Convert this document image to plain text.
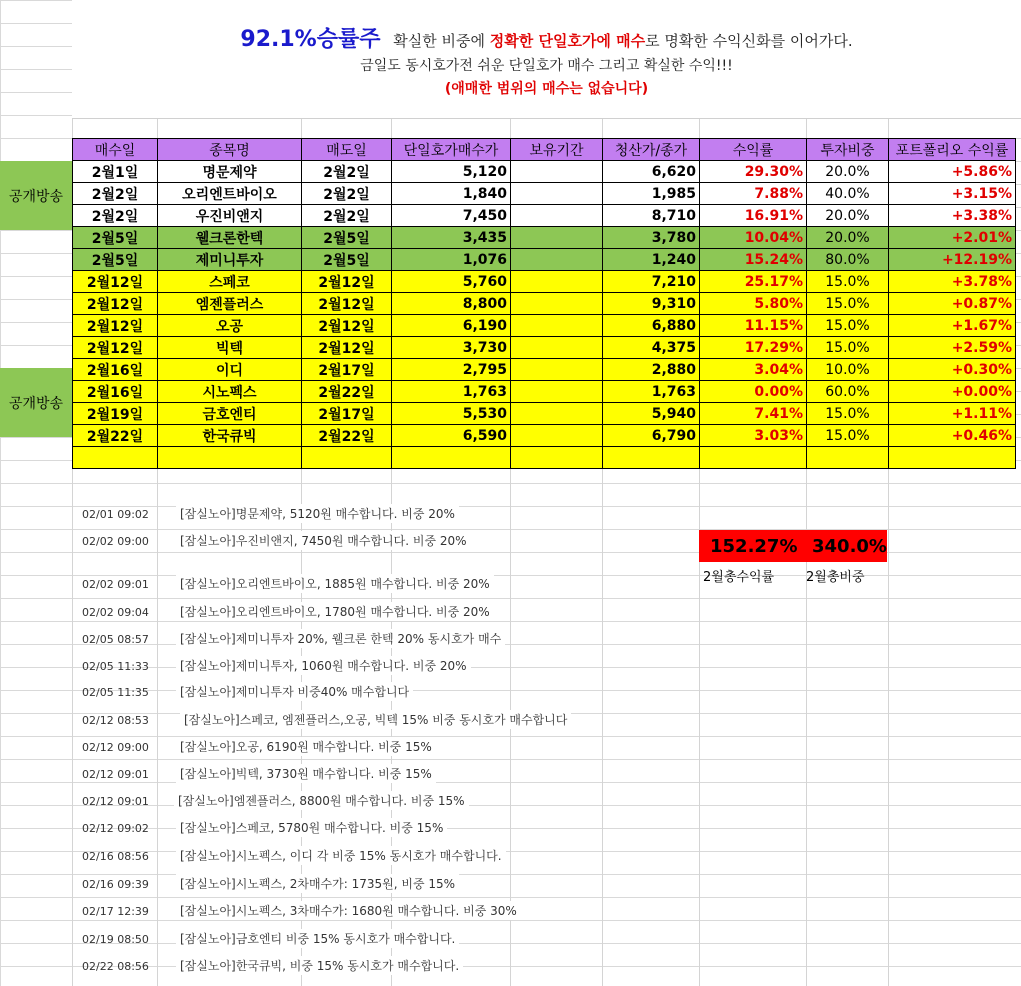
92.1%승률주 확실한 비중에 정확한 단일호가에 매수로 명확한 수익신화를 이어가다.
금일도 동시호가전 쉬운 단일호가 매수 그리고 확실한 수익!!!
(애매한 범위의 매수는 없습니다)
공개방송
공개방송
매수일	종목명	매도일	단일호가매수가	보유기간	청산가/종가	수익률	투자비중	포트폴리오 수익률
2월1일	명문제약	2월2일	5,120		6,620	29.30%	20.0%	+5.86%
2월2일	오리엔트바이오	2월2일	1,840		1,985	7.88%	40.0%	+3.15%
2월2일	우진비앤지	2월2일	7,450		8,710	16.91%	20.0%	+3.38%
2월5일	웰크론한텍	2월5일	3,435		3,780	10.04%	20.0%	+2.01%
2월5일	제미니투자	2월5일	1,076		1,240	15.24%	80.0%	+12.19%
2월12일	스페코	2월12일	5,760		7,210	25.17%	15.0%	+3.78%
2월12일	엠젠플러스	2월12일	8,800		9,310	5.80%	15.0%	+0.87%
2월12일	오공	2월12일	6,190		6,880	11.15%	15.0%	+1.67%
2월12일	빅텍	2월12일	3,730		4,375	17.29%	15.0%	+2.59%
2월16일	이디	2월17일	2,795		2,880	3.04%	10.0%	+0.30%
2월16일	시노펙스	2월22일	1,763		1,763	0.00%	60.0%	+0.00%
2월19일	금호엔티	2월17일	5,530		5,940	7.41%	15.0%	+1.11%
2월22일	한국큐빅	2월22일	6,590		6,790	3.03%	15.0%	+0.46%

152.27% 340.0%
2월총수익률 2월총비중
02/01 09:02	[잠실노아]명문제약, 5120원 매수합니다. 비중 20%
02/02 09:00	[잠실노아]우진비앤지, 7450원 매수합니다. 비중 20%
02/02 09:01	[잠실노아]오리엔트바이오, 1885원 매수합니다. 비중 20%
02/02 09:04	[잠실노아]오리엔트바이오, 1780원 매수합니다. 비중 20%
02/05 08:57	[잠실노아]제미니투자 20%, 웰크론 한텍 20% 동시호가 매수
02/05 11:33	[잠실노아]제미니투자, 1060원 매수합니다. 비중 20%
02/05 11:35	[잠실노아]제미니투자 비중40% 매수합니다
02/12 08:53	[잠실노아]스페코, 엠젠플러스,오공, 빅텍 15% 비중 동시호가 매수합니다
02/12 09:00	[잠실노아]오공, 6190원 매수합니다. 비중 15%
02/12 09:01	[잠실노아]빅텍, 3730원 매수합니다. 비중 15%
02/12 09:01	[잠실노아]엠젠플러스, 8800원 매수합니다. 비중 15%
02/12 09:02	[잠실노아]스페코, 5780원 매수합니다. 비중 15%
02/16 08:56	[잠실노아]시노펙스, 이디 각 비중 15% 동시호가 매수합니다.
02/16 09:39	[잠실노아]시노펙스, 2차매수가: 1735원, 비중 15%
02/17 12:39	[잠실노아]시노펙스, 3차매수가: 1680원 매수합니다. 비중 30%
02/19 08:50	[잠실노아]금호엔티 비중 15% 동시호가 매수합니다.
02/22 08:56	[잠실노아]한국큐빅, 비중 15% 동시호가 매수합니다.
